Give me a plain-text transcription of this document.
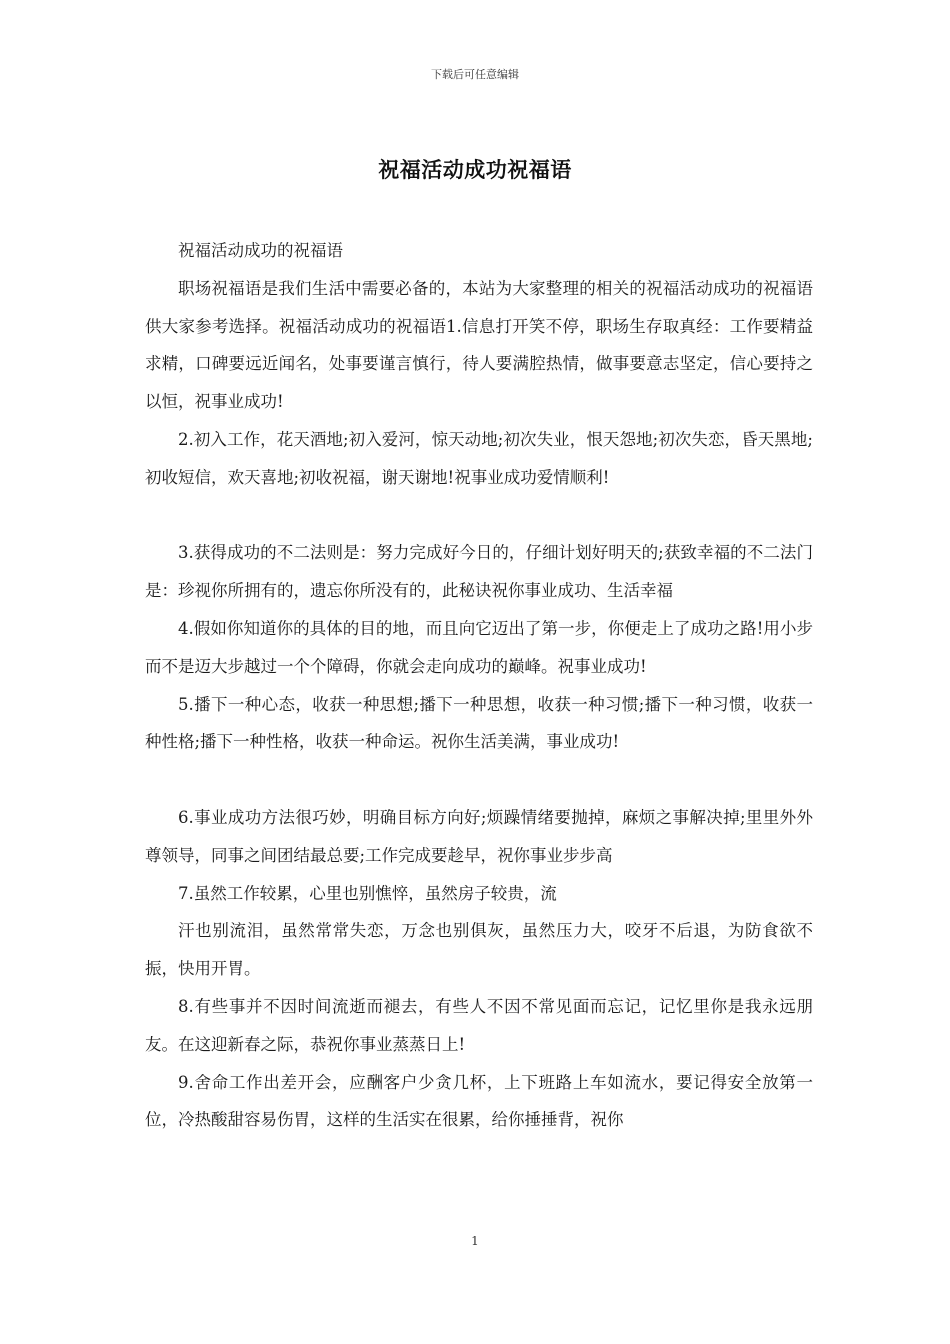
下载后可任意编辑
祝福活动成功祝福语

祝福活动成功的祝福语

职场祝福语是我们生活中需要必备的，本站为大家整理的相关的祝福活动成功的祝福语供大家参考选择。祝福活动成功的祝福语1.信息打开笑不停，职场生存取真经：工作要精益求精，口碑要远近闻名，处事要谨言慎行，待人要满腔热情，做事要意志坚定，信心要持之以恒，祝事业成功!

2.初入工作，花天酒地;初入爱河，惊天动地;初次失业，恨天怨地;初次失恋，昏天黑地;初收短信，欢天喜地;初收祝福，谢天谢地!祝事业成功爱情顺利!

3.获得成功的不二法则是：努力完成好今日的，仔细计划好明天的;获致幸福的不二法门是：珍视你所拥有的，遗忘你所没有的，此秘诀祝你事业成功、生活幸福

4.假如你知道你的具体的目的地，而且向它迈出了第一步，你便走上了成功之路!用小步而不是迈大步越过一个个障碍，你就会走向成功的巅峰。祝事业成功!

5.播下一种心态，收获一种思想;播下一种思想，收获一种习惯;播下一种习惯，收获一种性格;播下一种性格，收获一种命运。祝你生活美满，事业成功!

6.事业成功方法很巧妙，明确目标方向好;烦躁情绪要抛掉，麻烦之事解决掉;里里外外尊领导，同事之间团结最总要;工作完成要趁早，祝你事业步步高

7.虽然工作较累，心里也别憔悴，虽然房子较贵，流

汗也别流泪，虽然常常失恋，万念也别俱灰，虽然压力大，咬牙不后退，为防食欲不振，快用开胃。

8.有些事并不因时间流逝而褪去，有些人不因不常见面而忘记，记忆里你是我永远朋友。在这迎新春之际，恭祝你事业蒸蒸日上!

9.舍命工作出差开会，应酬客户少贪几杯，上下班路上车如流水，要记得安全放第一位，冷热酸甜容易伤胃，这样的生活实在很累，给你捶捶背，祝你

1
